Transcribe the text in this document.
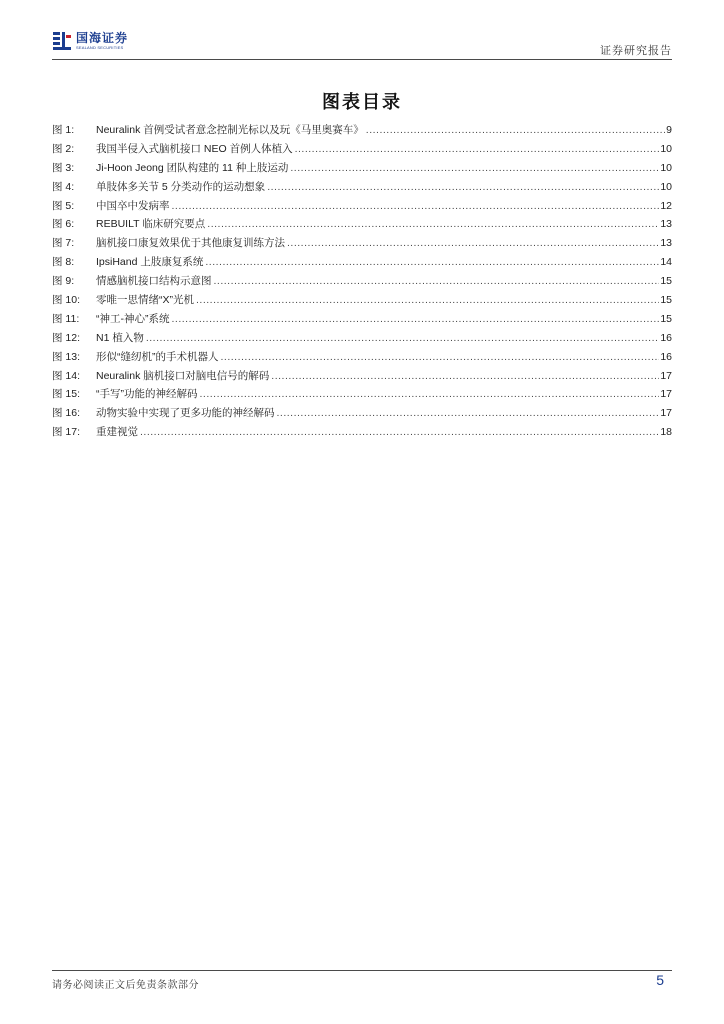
国海证券
SEALAND SECURITIES	证券研究报告
图表目录
图 1:	Neuralink 首例受试者意念控制光标以及玩《马里奥赛车》 .....	9
图 2:	我国半侵入式脑机接口 NEO 首例人体植入 .....	10
图 3:	Ji-Hoon Jeong 团队构建的 11 种上肢运动 .....	10
图 4:	单肢体多关节 5 分类动作的运动想象 .....	10
图 5:	中国卒中发病率 .....	12
图 6:	REBUILT 临床研究要点 .....	13
图 7:	脑机接口康复效果优于其他康复训练方法 .....	13
图 8:	IpsiHand 上肢康复系统 .....	14
图 9:	情感脑机接口结构示意图 .....	15
图 10:	零唯一思情绪“X”光机 .....	15
图 11:	“神工-神心”系统 .....	15
图 12:	N1 植入物 .....	16
图 13:	形似“缝纫机”的手术机器人 .....	16
图 14:	Neuralink 脑机接口对脑电信号的解码 .....	17
图 15:	“手写”功能的神经解码 .....	17
图 16:	动物实验中实现了更多功能的神经解码 .....	17
图 17:	重建视觉 .....	18
请务必阅读正文后免责条款部分	5
